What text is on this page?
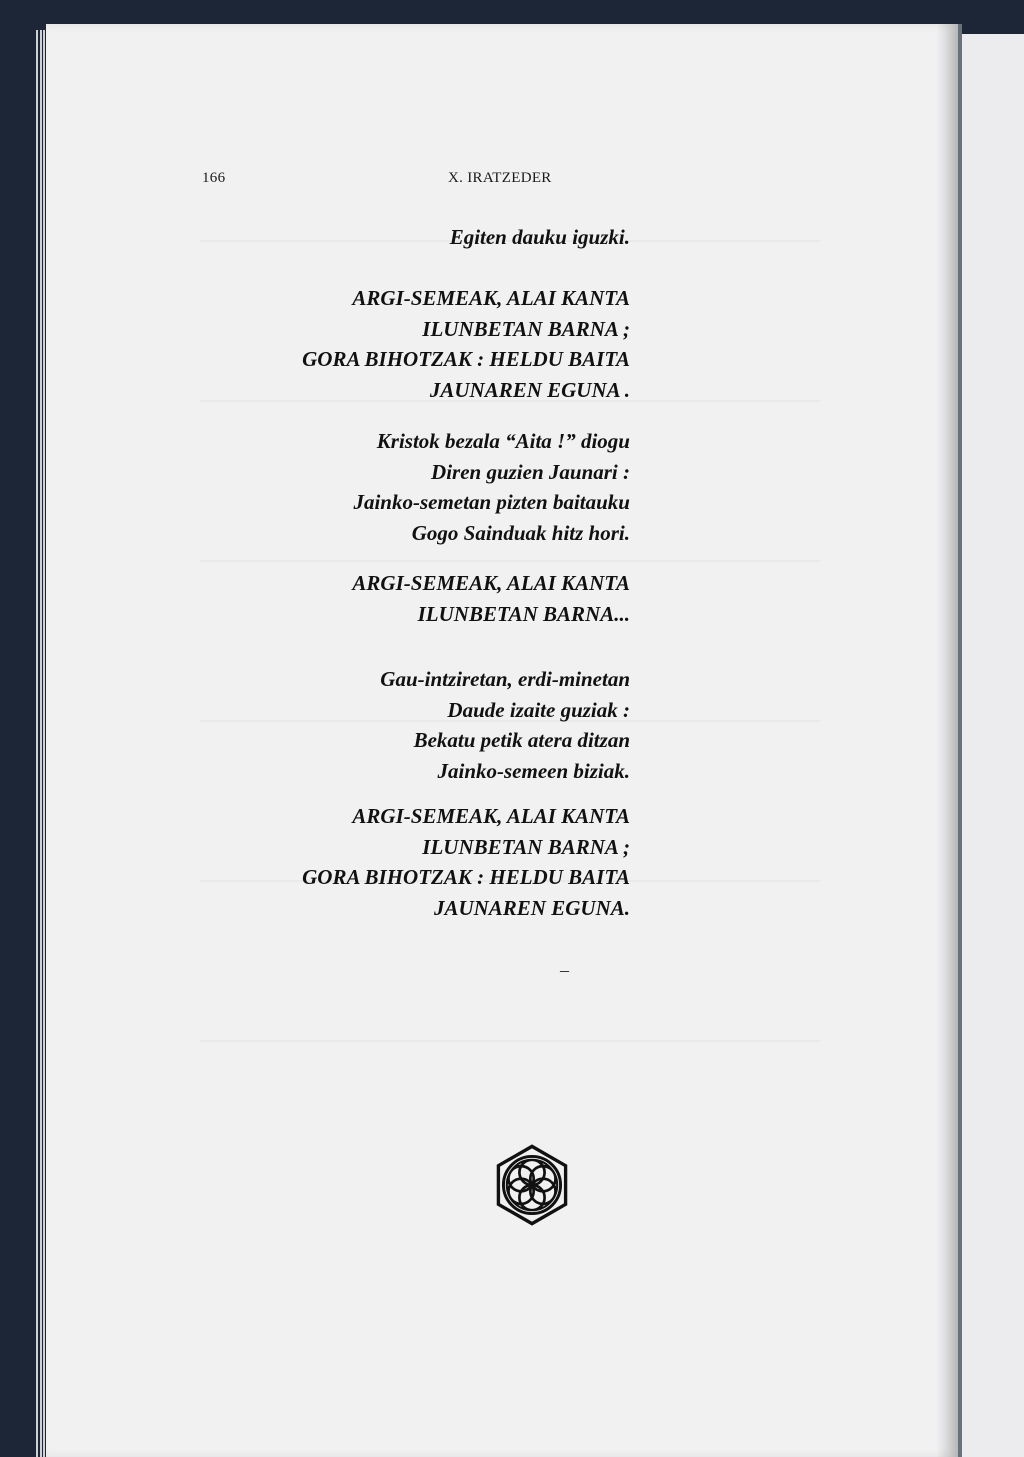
166	X. IRATZEDER
Egiten dauku iguzki.
ARGI-SEMEAK, ALAI KANTA
ILUNBETAN BARNA ;
GORA BIHOTZAK : HELDU BAITA
JAUNAREN EGUNA .
Kristok bezala “Aita !” diogu
Diren guzien Jaunari :
Jainko-semetan pizten baitauku
Gogo Sainduak hitz hori.
ARGI-SEMEAK, ALAI KANTA
ILUNBETAN BARNA...
Gau-intziretan, erdi-minetan
Daude izaite guziak :
Bekatu petik atera ditzan
Jainko-semeen biziak.
ARGI-SEMEAK, ALAI KANTA
ILUNBETAN BARNA ;
GORA BIHOTZAK : HELDU BAITA
JAUNAREN EGUNA.
–
